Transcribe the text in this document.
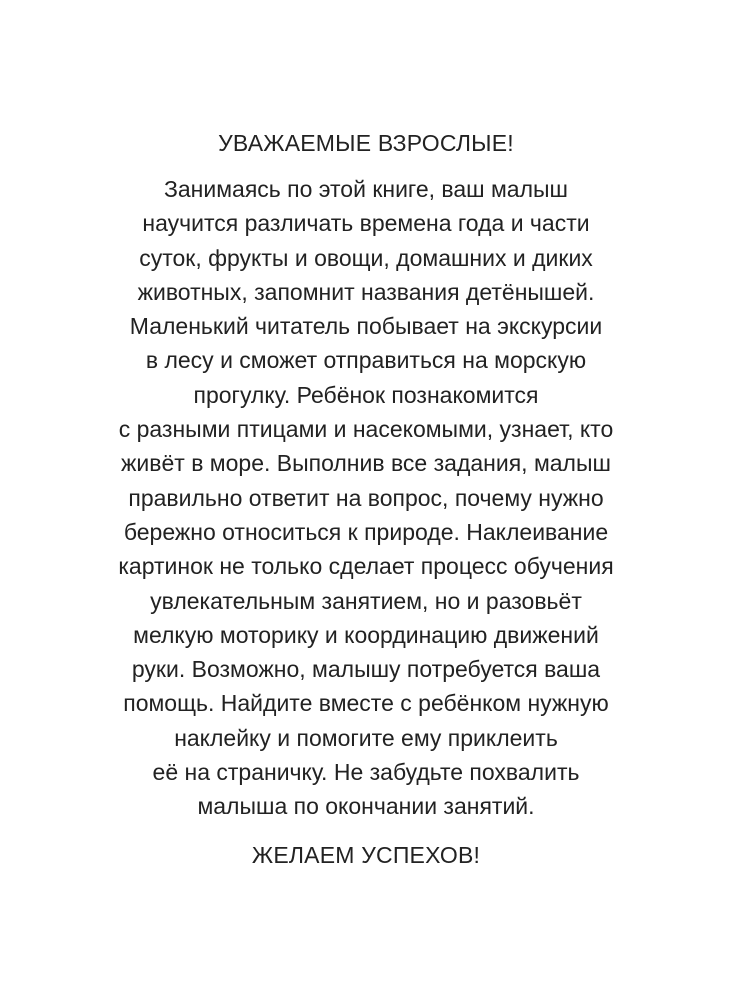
УВАЖАЕМЫЕ ВЗРОСЛЫЕ!
Занимаясь по этой книге, ваш малыш
научится различать времена года и части
суток, фрукты и овощи, домашних и диких
животных, запомнит названия детёнышей.
Маленький читатель побывает на экскурсии
в лесу и сможет отправиться на морскую
прогулку. Ребёнок познакомится
с разными птицами и насекомыми, узнает, кто
живёт в море. Выполнив все задания, малыш
правильно ответит на вопрос, почему нужно
бережно относиться к природе. Наклеивание
картинок не только сделает процесс обучения
увлекательным занятием, но и разовьёт
мелкую моторику и координацию движений
руки. Возможно, малышу потребуется ваша
помощь. Найдите вместе с ребёнком нужную
наклейку и помогите ему приклеить
её на страничку. Не забудьте похвалить
малыша по окончании занятий.
ЖЕЛАЕМ УСПЕХОВ!
